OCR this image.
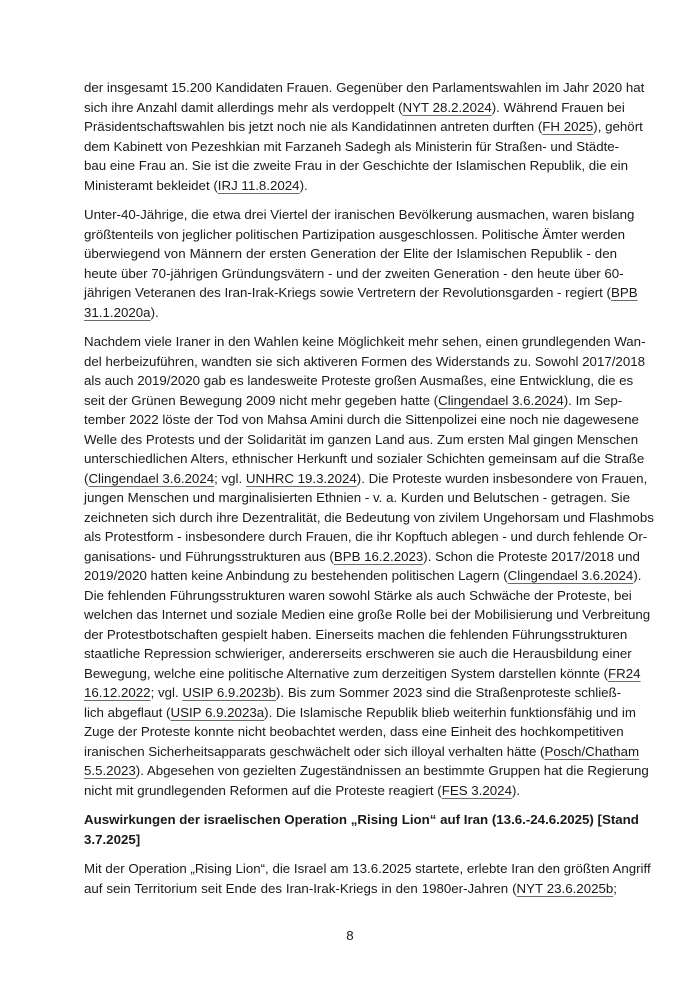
der insgesamt 15.200 Kandidaten Frauen. Gegenüber den Parlamentswahlen im Jahr 2020 hat
sich ihre Anzahl damit allerdings mehr als verdoppelt (NYT 28.2.2024). Während Frauen bei
Präsidentschaftswahlen bis jetzt noch nie als Kandidatinnen antreten durften (FH 2025), gehört
dem Kabinett von Pezeshkian mit Farzaneh Sadegh als Ministerin für Straßen- und Städte-
bau eine Frau an. Sie ist die zweite Frau in der Geschichte der Islamischen Republik, die ein
Ministeramt bekleidet (IRJ 11.8.2024).
Unter-40-Jährige, die etwa drei Viertel der iranischen Bevölkerung ausmachen, waren bislang
größtenteils von jeglicher politischen Partizipation ausgeschlossen. Politische Ämter werden
überwiegend von Männern der ersten Generation der Elite der Islamischen Republik - den
heute über 70-jährigen Gründungsvätern - und der zweiten Generation - den heute über 60-
jährigen Veteranen des Iran-Irak-Kriegs sowie Vertretern der Revolutionsgarden - regiert (BPB
31.1.2020a).
Nachdem viele Iraner in den Wahlen keine Möglichkeit mehr sehen, einen grundlegenden Wan-
del herbeizuführen, wandten sie sich aktiveren Formen des Widerstands zu. Sowohl 2017/2018
als auch 2019/2020 gab es landesweite Proteste großen Ausmaßes, eine Entwicklung, die es
seit der Grünen Bewegung 2009 nicht mehr gegeben hatte (Clingendael 3.6.2024). Im Sep-
tember 2022 löste der Tod von Mahsa Amini durch die Sittenpolizei eine noch nie dagewesene
Welle des Protests und der Solidarität im ganzen Land aus. Zum ersten Mal gingen Menschen
unterschiedlichen Alters, ethnischer Herkunft und sozialer Schichten gemeinsam auf die Straße
(Clingendael 3.6.2024; vgl. UNHRC 19.3.2024). Die Proteste wurden insbesondere von Frauen,
jungen Menschen und marginalisierten Ethnien - v. a. Kurden und Belutschen - getragen. Sie
zeichneten sich durch ihre Dezentralität, die Bedeutung von zivilem Ungehorsam und Flashmobs
als Protestform - insbesondere durch Frauen, die ihr Kopftuch ablegen - und durch fehlende Or-
ganisations- und Führungsstrukturen aus (BPB 16.2.2023). Schon die Proteste 2017/2018 und
2019/2020 hatten keine Anbindung zu bestehenden politischen Lagern (Clingendael 3.6.2024).
Die fehlenden Führungsstrukturen waren sowohl Stärke als auch Schwäche der Proteste, bei
welchen das Internet und soziale Medien eine große Rolle bei der Mobilisierung und Verbreitung
der Protestbotschaften gespielt haben. Einerseits machen die fehlenden Führungsstrukturen
staatliche Repression schwieriger, andererseits erschweren sie auch die Herausbildung einer
Bewegung, welche eine politische Alternative zum derzeitigen System darstellen könnte (FR24
16.12.2022; vgl. USIP 6.9.2023b). Bis zum Sommer 2023 sind die Straßenproteste schließ-
lich abgeflaut (USIP 6.9.2023a). Die Islamische Republik blieb weiterhin funktionsfähig und im
Zuge der Proteste konnte nicht beobachtet werden, dass eine Einheit des hochkompetitiven
iranischen Sicherheitsapparats geschwächelt oder sich illoyal verhalten hätte (Posch/Chatham
5.5.2023). Abgesehen von gezielten Zugeständnissen an bestimmte Gruppen hat die Regierung
nicht mit grundlegenden Reformen auf die Proteste reagiert (FES 3.2024).
Auswirkungen der israelischen Operation „Rising Lion“ auf Iran (13.6.-24.6.2025) [Stand
3.7.2025]
Mit der Operation „Rising Lion“, die Israel am 13.6.2025 startete, erlebte Iran den größten Angriff
auf sein Territorium seit Ende des Iran-Irak-Kriegs in den 1980er-Jahren (NYT 23.6.2025b;
8
